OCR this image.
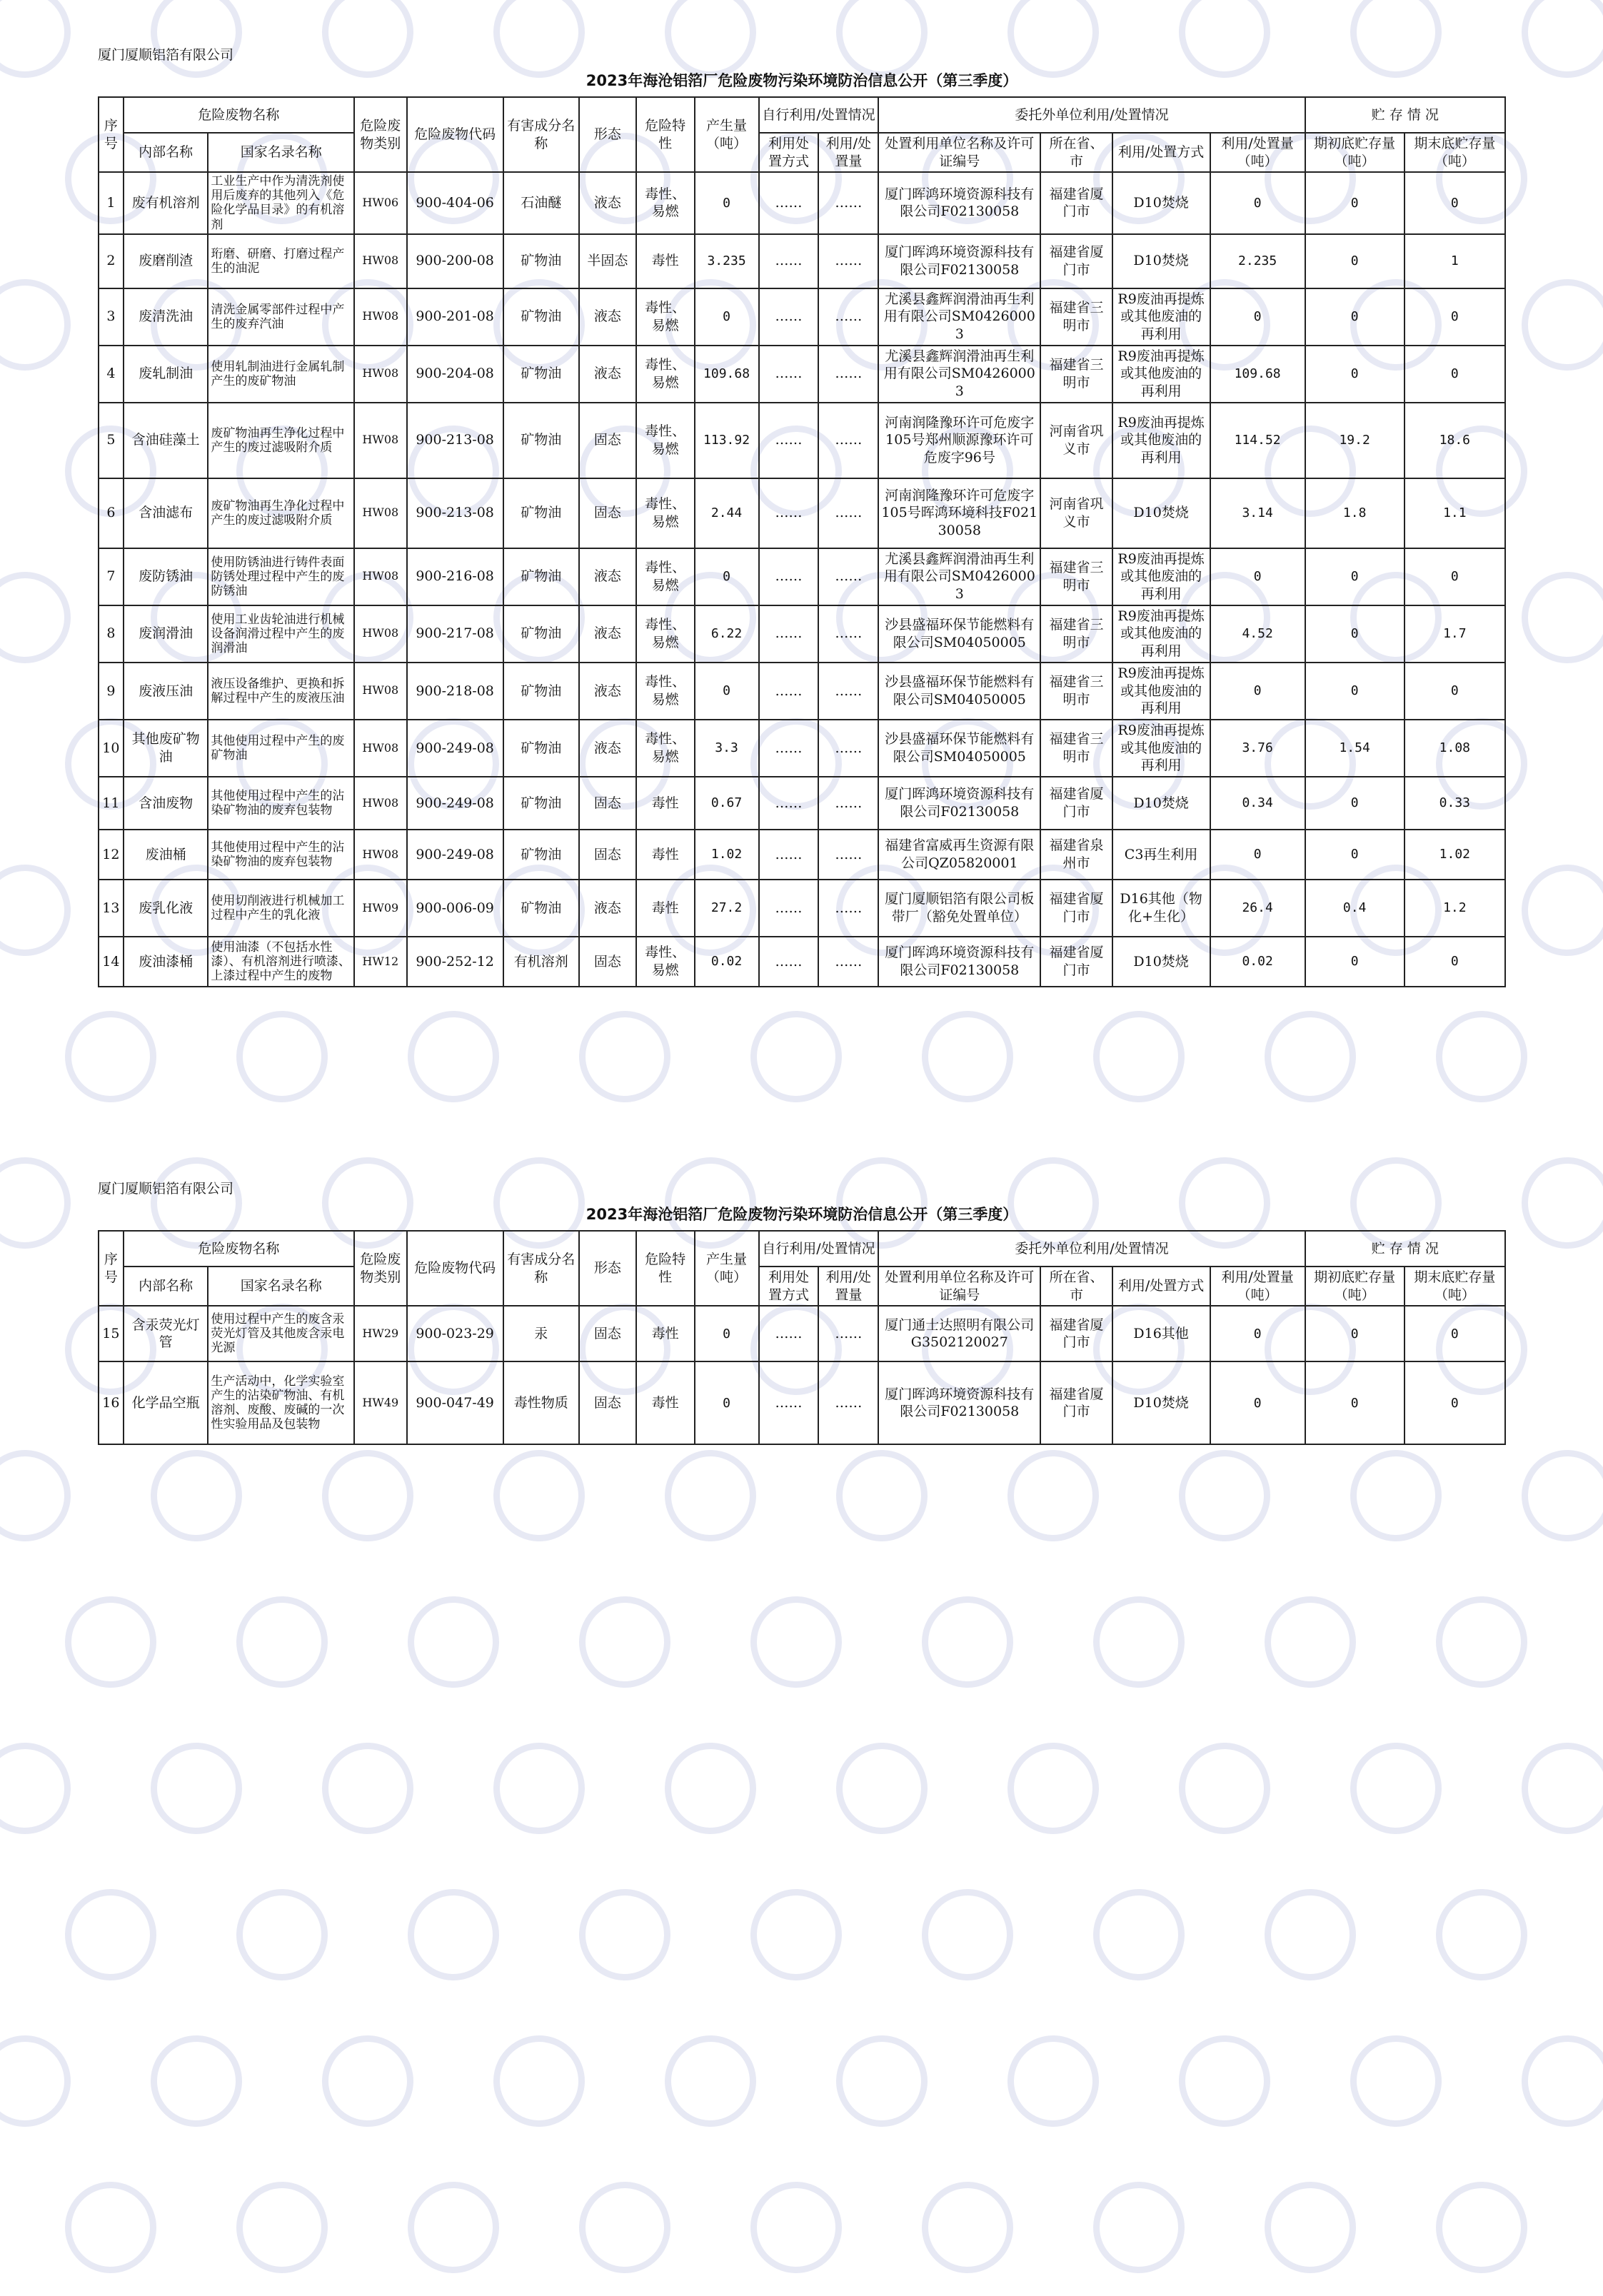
厦门厦顺铝箔有限公司
2023年海沧铝箔厂危险废物污染环境防治信息公开（第三季度）
序号	危险废物名称		危险废物类别	危险废物代码	有害成分名称	形态	危险特性	产生量（吨）	自行利用/处置情况		委托外单位利用/处置情况				贮 存 情 况	
	内部名称	国家名录名称							利用处置方式	利用/处置量	处置利用单位名称及许可证编号	所在省、市	利用/处置方式	利用/处置量（吨）	期初底贮存量（吨）	期末底贮存量（吨）
1	废有机溶剂	工业生产中作为清洗剂使用后废弃的其他列入《危险化学品目录》的有机溶剂	HW06	900-404-06	石油醚	液态	毒性、易燃	0	……	……	厦门晖鸿环境资源科技有限公司F02130058	福建省厦门市	D10焚烧	0	0	0
2	废磨削渣	珩磨、研磨、打磨过程产生的油泥	HW08	900-200-08	矿物油	半固态	毒性	3.235	……	……	厦门晖鸿环境资源科技有限公司F02130058	福建省厦门市	D10焚烧	2.235	0	1
3	废清洗油	清洗金属零部件过程中产生的废弃汽油	HW08	900-201-08	矿物油	液态	毒性、易燃	0	……	……	尤溪县鑫辉润滑油再生利用有限公司SM04260003	福建省三明市	R9废油再提炼或其他废油的再利用	0	0	0
4	废轧制油	使用轧制油进行金属轧制产生的废矿物油	HW08	900-204-08	矿物油	液态	毒性、易燃	109.68	……	……	尤溪县鑫辉润滑油再生利用有限公司SM04260003	福建省三明市	R9废油再提炼或其他废油的再利用	109.68	0	0
5	含油硅藻土	废矿物油再生净化过程中产生的废过滤吸附介质	HW08	900-213-08	矿物油	固态	毒性、易燃	113.92	……	……	河南润隆豫环许可危废字105号郑州顺源豫环许可危废字96号	河南省巩义市	R9废油再提炼或其他废油的再利用	114.52	19.2	18.6
6	含油滤布	废矿物油再生净化过程中产生的废过滤吸附介质	HW08	900-213-08	矿物油	固态	毒性、易燃	2.44	……	……	河南润隆豫环许可危废字105号晖鸿环境科技F02130058	河南省巩义市	D10焚烧	3.14	1.8	1.1
7	废防锈油	使用防锈油进行铸件表面防锈处理过程中产生的废防锈油	HW08	900-216-08	矿物油	液态	毒性、易燃	0	……	……	尤溪县鑫辉润滑油再生利用有限公司SM04260003	福建省三明市	R9废油再提炼或其他废油的再利用	0	0	0
8	废润滑油	使用工业齿轮油进行机械设备润滑过程中产生的废润滑油	HW08	900-217-08	矿物油	液态	毒性、易燃	6.22	……	……	沙县盛福环保节能燃料有限公司SM04050005	福建省三明市	R9废油再提炼或其他废油的再利用	4.52	0	1.7
9	废液压油	液压设备维护、更换和拆解过程中产生的废液压油	HW08	900-218-08	矿物油	液态	毒性、易燃	0	……	……	沙县盛福环保节能燃料有限公司SM04050005	福建省三明市	R9废油再提炼或其他废油的再利用	0	0	0
10	其他废矿物油	其他使用过程中产生的废矿物油	HW08	900-249-08	矿物油	液态	毒性、易燃	3.3	……	……	沙县盛福环保节能燃料有限公司SM04050005	福建省三明市	R9废油再提炼或其他废油的再利用	3.76	1.54	1.08
11	含油废物	其他使用过程中产生的沾染矿物油的废弃包装物	HW08	900-249-08	矿物油	固态	毒性	0.67	……	……	厦门晖鸿环境资源科技有限公司F02130058	福建省厦门市	D10焚烧	0.34	0	0.33
12	废油桶	其他使用过程中产生的沾染矿物油的废弃包装物	HW08	900-249-08	矿物油	固态	毒性	1.02	……	……	福建省富威再生资源有限公司QZ05820001	福建省泉州市	C3再生利用	0	0	1.02
13	废乳化液	使用切削液进行机械加工过程中产生的乳化液	HW09	900-006-09	矿物油	液态	毒性	27.2	……	……	厦门厦顺铝箔有限公司板带厂（豁免处置单位）	福建省厦门市	D16其他（物化+生化）	26.4	0.4	1.2
14	废油漆桶	使用油漆（不包括水性漆）、有机溶剂进行喷漆、上漆过程中产生的废物	HW12	900-252-12	有机溶剂	固态	毒性、易燃	0.02	……	……	厦门晖鸿环境资源科技有限公司F02130058	福建省厦门市	D10焚烧	0.02	0	0
厦门厦顺铝箔有限公司
2023年海沧铝箔厂危险废物污染环境防治信息公开（第三季度）
序号	危险废物名称		危险废物类别	危险废物代码	有害成分名称	形态	危险特性	产生量（吨）	自行利用/处置情况		委托外单位利用/处置情况				贮 存 情 况	
	内部名称	国家名录名称							利用处置方式	利用/处置量	处置利用单位名称及许可证编号	所在省、市	利用/处置方式	利用/处置量（吨）	期初底贮存量（吨）	期末底贮存量（吨）
15	含汞荧光灯管	使用过程中产生的废含汞荧光灯管及其他废含汞电光源	HW29	900-023-29	汞	固态	毒性	0	……	……	厦门通士达照明有限公司G3502120027	福建省厦门市	D16其他	0	0	0
16	化学品空瓶	生产活动中，化学实验室产生的沾染矿物油、有机溶剂、废酸、废碱的一次性实验用品及包装物	HW49	900-047-49	毒性物质	固态	毒性	0	……	……	厦门晖鸿环境资源科技有限公司F02130058	福建省厦门市	D10焚烧	0	0	0
